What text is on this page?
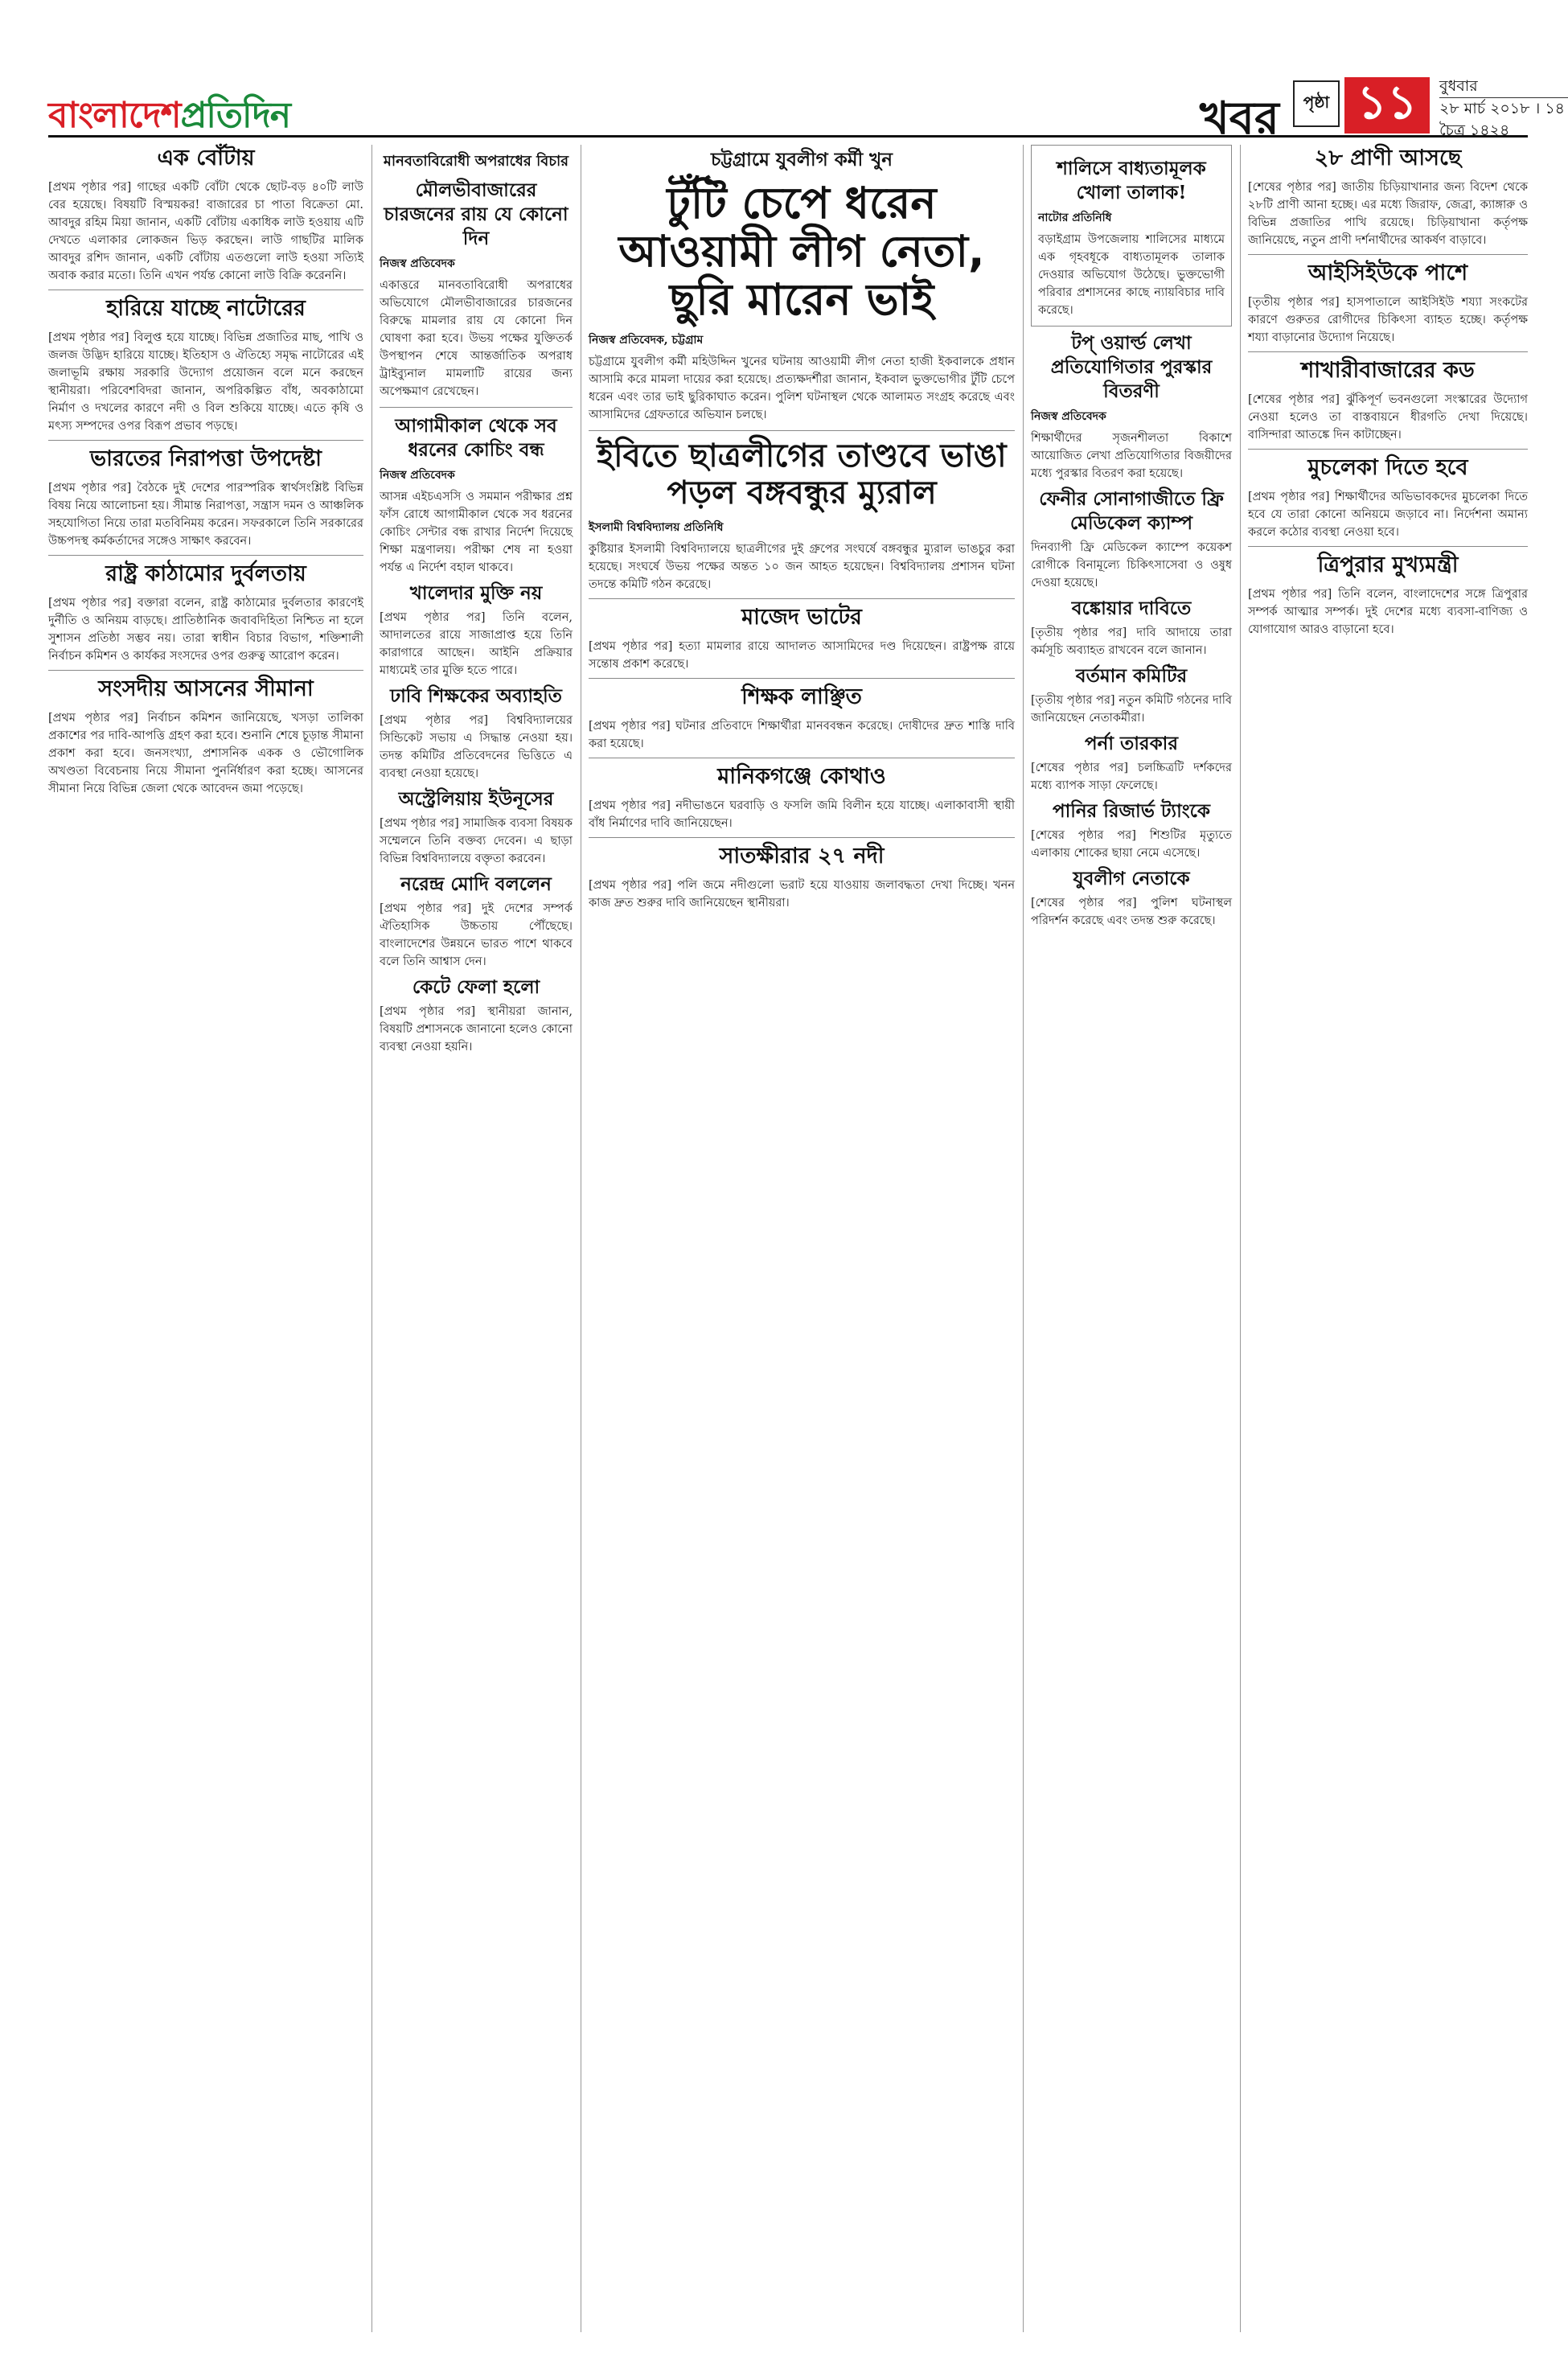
বাংলাদেশপ্রতিদিন	খবর	পৃষ্ঠা ১১	বুধবার
২৮ মার্চ ২০১৮ । ১৪ চৈত্র ১৪২৪
এক বোঁটায়
[প্রথম পৃষ্ঠার পর] গাছের একটি বোঁটা থেকে ছোট-বড় ৪০টি লাউ বের হয়েছে। বিষয়টি বিস্ময়কর! বাজারের চা পাতা বিক্রেতা মো. আবদুর রহিম মিয়া জানান, একটি বোঁটায় একাধিক লাউ হওয়ায় এটি দেখতে এলাকার লোকজন ভিড় করছেন। লাউ গাছটির মালিক আবদুর রশিদ জানান, একটি বোঁটায় এতগুলো লাউ হওয়া সত্যিই অবাক করার মতো। তিনি এখন পর্যন্ত কোনো লাউ বিক্রি করেননি।
হারিয়ে যাচ্ছে নাটোরের
[প্রথম পৃষ্ঠার পর] বিলুপ্ত হয়ে যাচ্ছে। বিভিন্ন প্রজাতির মাছ, পাখি ও জলজ উদ্ভিদ হারিয়ে যাচ্ছে। ইতিহাস ও ঐতিহ্যে সমৃদ্ধ নাটোরের এই জলাভূমি রক্ষায় সরকারি উদ্যোগ প্রয়োজন বলে মনে করছেন স্থানীয়রা। পরিবেশবিদরা জানান, অপরিকল্পিত বাঁধ, অবকাঠামো নির্মাণ ও দখলের কারণে নদী ও বিল শুকিয়ে যাচ্ছে। এতে কৃষি ও মৎস্য সম্পদের ওপর বিরূপ প্রভাব পড়ছে।
ভারতের নিরাপত্তা উপদেষ্টা
[প্রথম পৃষ্ঠার পর] বৈঠকে দুই দেশের পারস্পরিক স্বার্থসংশ্লিষ্ট বিভিন্ন বিষয় নিয়ে আলোচনা হয়। সীমান্ত নিরাপত্তা, সন্ত্রাস দমন ও আঞ্চলিক সহযোগিতা নিয়ে তারা মতবিনিময় করেন। সফরকালে তিনি সরকারের উচ্চপদস্থ কর্মকর্তাদের সঙ্গেও সাক্ষাৎ করবেন।
রাষ্ট্র কাঠামোর দুর্বলতায়
[প্রথম পৃষ্ঠার পর] বক্তারা বলেন, রাষ্ট্র কাঠামোর দুর্বলতার কারণেই দুর্নীতি ও অনিয়ম বাড়ছে। প্রাতিষ্ঠানিক জবাবদিহিতা নিশ্চিত না হলে সুশাসন প্রতিষ্ঠা সম্ভব নয়। তারা স্বাধীন বিচার বিভাগ, শক্তিশালী নির্বাচন কমিশন ও কার্যকর সংসদের ওপর গুরুত্ব আরোপ করেন।
সংসদীয় আসনের সীমানা
[প্রথম পৃষ্ঠার পর] নির্বাচন কমিশন জানিয়েছে, খসড়া তালিকা প্রকাশের পর দাবি-আপত্তি গ্রহণ করা হবে। শুনানি শেষে চূড়ান্ত সীমানা প্রকাশ করা হবে। জনসংখ্যা, প্রশাসনিক একক ও ভৌগোলিক অখণ্ডতা বিবেচনায় নিয়ে সীমানা পুনর্নির্ধারণ করা হচ্ছে। আসনের সীমানা নিয়ে বিভিন্ন জেলা থেকে আবেদন জমা পড়েছে।
মানবতাবিরোধী অপরাধের বিচার
মৌলভীবাজারের চারজনের রায় যে কোনো দিন
নিজস্ব প্রতিবেদক
একাত্তরে মানবতাবিরোধী অপরাধের অভিযোগে মৌলভীবাজারের চারজনের বিরুদ্ধে মামলার রায় যে কোনো দিন ঘোষণা করা হবে। উভয় পক্ষের যুক্তিতর্ক উপস্থাপন শেষে আন্তর্জাতিক অপরাধ ট্রাইব্যুনাল মামলাটি রায়ের জন্য অপেক্ষমাণ রেখেছেন।
আগামীকাল থেকে সব ধরনের কোচিং বন্ধ
নিজস্ব প্রতিবেদক
আসন্ন এইচএসসি ও সমমান পরীক্ষার প্রশ্ন ফাঁস রোধে আগামীকাল থেকে সব ধরনের কোচিং সেন্টার বন্ধ রাখার নির্দেশ দিয়েছে শিক্ষা মন্ত্রণালয়। পরীক্ষা শেষ না হওয়া পর্যন্ত এ নির্দেশ বহাল থাকবে।
খালেদার মুক্তি নয়
[প্রথম পৃষ্ঠার পর] তিনি বলেন, আদালতের রায়ে সাজাপ্রাপ্ত হয়ে তিনি কারাগারে আছেন। আইনি প্রক্রিয়ার মাধ্যমেই তার মুক্তি হতে পারে।
ঢাবি শিক্ষকের অব্যাহতি
[প্রথম পৃষ্ঠার পর] বিশ্ববিদ্যালয়ের সিন্ডিকেট সভায় এ সিদ্ধান্ত নেওয়া হয়। তদন্ত কমিটির প্রতিবেদনের ভিত্তিতে এ ব্যবস্থা নেওয়া হয়েছে।
অস্ট্রেলিয়ায় ইউনূসের
[প্রথম পৃষ্ঠার পর] সামাজিক ব্যবসা বিষয়ক সম্মেলনে তিনি বক্তব্য দেবেন। এ ছাড়া বিভিন্ন বিশ্ববিদ্যালয়ে বক্তৃতা করবেন।
নরেন্দ্র মোদি বললেন
[প্রথম পৃষ্ঠার পর] দুই দেশের সম্পর্ক ঐতিহাসিক উচ্চতায় পৌঁছেছে। বাংলাদেশের উন্নয়নে ভারত পাশে থাকবে বলে তিনি আশ্বাস দেন।
কেটে ফেলা হলো
[প্রথম পৃষ্ঠার পর] স্থানীয়রা জানান, বিষয়টি প্রশাসনকে জানানো হলেও কোনো ব্যবস্থা নেওয়া হয়নি।
চট্টগ্রামে যুবলীগ কর্মী খুন
টুঁটি চেপে ধরেন আওয়ামী লীগ নেতা, ছুরি মারেন ভাই
নিজস্ব প্রতিবেদক, চট্টগ্রাম
চট্টগ্রামে যুবলীগ কর্মী মহিউদ্দিন খুনের ঘটনায় আওয়ামী লীগ নেতা হাজী ইকবালকে প্রধান আসামি করে মামলা দায়ের করা হয়েছে। প্রত্যক্ষদর্শীরা জানান, ইকবাল ভুক্তভোগীর টুঁটি চেপে ধরেন এবং তার ভাই ছুরিকাঘাত করেন। পুলিশ ঘটনাস্থল থেকে আলামত সংগ্রহ করেছে এবং আসামিদের গ্রেফতারে অভিযান চলছে।
ইবিতে ছাত্রলীগের তাণ্ডবে ভাঙা পড়ল বঙ্গবন্ধুর ম্যুরাল
ইসলামী বিশ্ববিদ্যালয় প্রতিনিধি
কুষ্টিয়ার ইসলামী বিশ্ববিদ্যালয়ে ছাত্রলীগের দুই গ্রুপের সংঘর্ষে বঙ্গবন্ধুর ম্যুরাল ভাঙচুর করা হয়েছে। সংঘর্ষে উভয় পক্ষের অন্তত ১০ জন আহত হয়েছেন। বিশ্ববিদ্যালয় প্রশাসন ঘটনা তদন্তে কমিটি গঠন করেছে।
মাজেদ ভাটের
[প্রথম পৃষ্ঠার পর] হত্যা মামলার রায়ে আদালত আসামিদের দণ্ড দিয়েছেন। রাষ্ট্রপক্ষ রায়ে সন্তোষ প্রকাশ করেছে।
শিক্ষক লাঞ্ছিত
[প্রথম পৃষ্ঠার পর] ঘটনার প্রতিবাদে শিক্ষার্থীরা মানববন্ধন করেছে। দোষীদের দ্রুত শাস্তি দাবি করা হয়েছে।
মানিকগঞ্জে কোথাও
[প্রথম পৃষ্ঠার পর] নদীভাঙনে ঘরবাড়ি ও ফসলি জমি বিলীন হয়ে যাচ্ছে। এলাকাবাসী স্থায়ী বাঁধ নির্মাণের দাবি জানিয়েছেন।
সাতক্ষীরার ২৭ নদী
[প্রথম পৃষ্ঠার পর] পলি জমে নদীগুলো ভরাট হয়ে যাওয়ায় জলাবদ্ধতা দেখা দিচ্ছে। খনন কাজ দ্রুত শুরুর দাবি জানিয়েছেন স্থানীয়রা।
শালিসে বাধ্যতামূলক খোলা তালাক!
নাটোর প্রতিনিধি
বড়াইগ্রাম উপজেলায় শালিসের মাধ্যমে এক গৃহবধূকে বাধ্যতামূলক তালাক দেওয়ার অভিযোগ উঠেছে। ভুক্তভোগী পরিবার প্রশাসনের কাছে ন্যায়বিচার দাবি করেছে।
টপ্ ওয়ার্ল্ড লেখা প্রতিযোগিতার পুরস্কার বিতরণী
নিজস্ব প্রতিবেদক
শিক্ষার্থীদের সৃজনশীলতা বিকাশে আয়োজিত লেখা প্রতিযোগিতার বিজয়ীদের মধ্যে পুরস্কার বিতরণ করা হয়েছে।
ফেনীর সোনাগাজীতে ফ্রি মেডিকেল ক্যাম্প
দিনব্যাপী ফ্রি মেডিকেল ক্যাম্পে কয়েকশ রোগীকে বিনামূল্যে চিকিৎসাসেবা ও ওষুধ দেওয়া হয়েছে।
বঙ্কোয়ার দাবিতে
[তৃতীয় পৃষ্ঠার পর] দাবি আদায়ে তারা কর্মসূচি অব্যাহত রাখবেন বলে জানান।
বর্তমান কমিটির
[তৃতীয় পৃষ্ঠার পর] নতুন কমিটি গঠনের দাবি জানিয়েছেন নেতাকর্মীরা।
পর্না তারকার
[শেষের পৃষ্ঠার পর] চলচ্চিত্রটি দর্শকদের মধ্যে ব্যাপক সাড়া ফেলেছে।
পানির রিজার্ভ ট্যাংকে
[শেষের পৃষ্ঠার পর] শিশুটির মৃত্যুতে এলাকায় শোকের ছায়া নেমে এসেছে।
যুবলীগ নেতাকে
[শেষের পৃষ্ঠার পর] পুলিশ ঘটনাস্থল পরিদর্শন করেছে এবং তদন্ত শুরু করেছে।
২৮ প্রাণী আসছে
[শেষের পৃষ্ঠার পর] জাতীয় চিড়িয়াখানার জন্য বিদেশ থেকে ২৮টি প্রাণী আনা হচ্ছে। এর মধ্যে জিরাফ, জেব্রা, ক্যাঙ্গারু ও বিভিন্ন প্রজাতির পাখি রয়েছে। চিড়িয়াখানা কর্তৃপক্ষ জানিয়েছে, নতুন প্রাণী দর্শনার্থীদের আকর্ষণ বাড়াবে।
আইসিইউকে পাশে
[তৃতীয় পৃষ্ঠার পর] হাসপাতালে আইসিইউ শয্যা সংকটের কারণে গুরুতর রোগীদের চিকিৎসা ব্যাহত হচ্ছে। কর্তৃপক্ষ শয্যা বাড়ানোর উদ্যোগ নিয়েছে।
শাখারীবাজারের কড
[শেষের পৃষ্ঠার পর] ঝুঁকিপূর্ণ ভবনগুলো সংস্কারের উদ্যোগ নেওয়া হলেও তা বাস্তবায়নে ধীরগতি দেখা দিয়েছে। বাসিন্দারা আতঙ্কে দিন কাটাচ্ছেন।
মুচলেকা দিতে হবে
[প্রথম পৃষ্ঠার পর] শিক্ষার্থীদের অভিভাবকদের মুচলেকা দিতে হবে যে তারা কোনো অনিয়মে জড়াবে না। নির্দেশনা অমান্য করলে কঠোর ব্যবস্থা নেওয়া হবে।
ত্রিপুরার মুখ্যমন্ত্রী
[প্রথম পৃষ্ঠার পর] তিনি বলেন, বাংলাদেশের সঙ্গে ত্রিপুরার সম্পর্ক আত্মার সম্পর্ক। দুই দেশের মধ্যে ব্যবসা-বাণিজ্য ও যোগাযোগ আরও বাড়ানো হবে।
